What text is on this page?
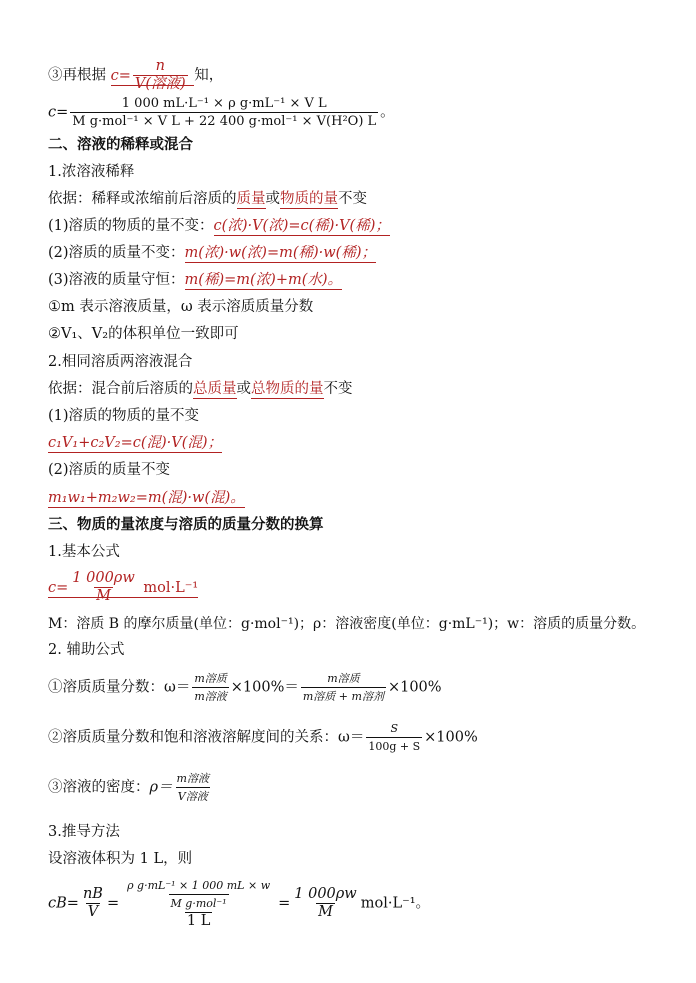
③再根据 $c= \frac{n}{\text{V(溶液)}}$ 知，
$c= \frac{\text{1 000 mL·L⁻¹ × ρ g·mL⁻¹ × V L}}{\text{M g·mol⁻¹ × V L + 22 400 g·mol⁻¹ × V(H²O) L}}$ 。
二、溶液的稀释或混合
1.浓溶液稀释
依据：稀释或浓缩前后溶质的质量或物质的量不变
(1)溶质的物质的量不变：c(浓)·V(浓)=c(稀)·V(稀)；
(2)溶质的质量不变：m(浓)·w(浓)=m(稀)·w(稀)；
(3)溶液的质量守恒：m(稀)=m(浓)+m(水)。
①m 表示溶液质量，ω 表示溶质质量分数
②V₁、V₂的体积单位一致即可
2.相同溶质两溶液混合
依据：混合前后溶质的总质量或总物质的量不变
(1)溶质的物质的量不变
c₁V₁+c₂V₂=c(混)·V(混)；
(2)溶质的质量不变
m₁w₁+m₂w₂=m(混)·w(混)。
三、物质的量浓度与溶质的质量分数的换算
1.基本公式
$c= \frac{1 000\rho w}{M} mol\cdot L^{-1}$
M：溶质 B 的摩尔质量(单位：g·mol⁻¹)；ρ：溶液密度(单位：g·mL⁻¹)；w：溶质的质量分数。
2. 辅助公式
①溶质质量分数：$\omega= \frac{\text{m溶质}}{\text{m溶液}} \times 100\%= \frac{\text{m溶质}}{\text{m溶质 + m溶剂}} \times 100\%$
②溶质质量分数和饱和溶液溶解度间的关系：$\omega= \frac{S}{100g + S} \times 100\%$
③溶液的密度：$\rho= \frac{\text{m溶液}}{\text{V溶液}}$
3.推导方法
设溶液体积为 1 L，则
$cB= \frac{nB}{V} = \frac{\frac{\text{ρ g·mL⁻¹ × 1 000 mL × w}}{\text{M g·mol⁻¹}}}{1 L} = \frac{1 000\rho w}{M} mol\cdot L^{-1}$。
